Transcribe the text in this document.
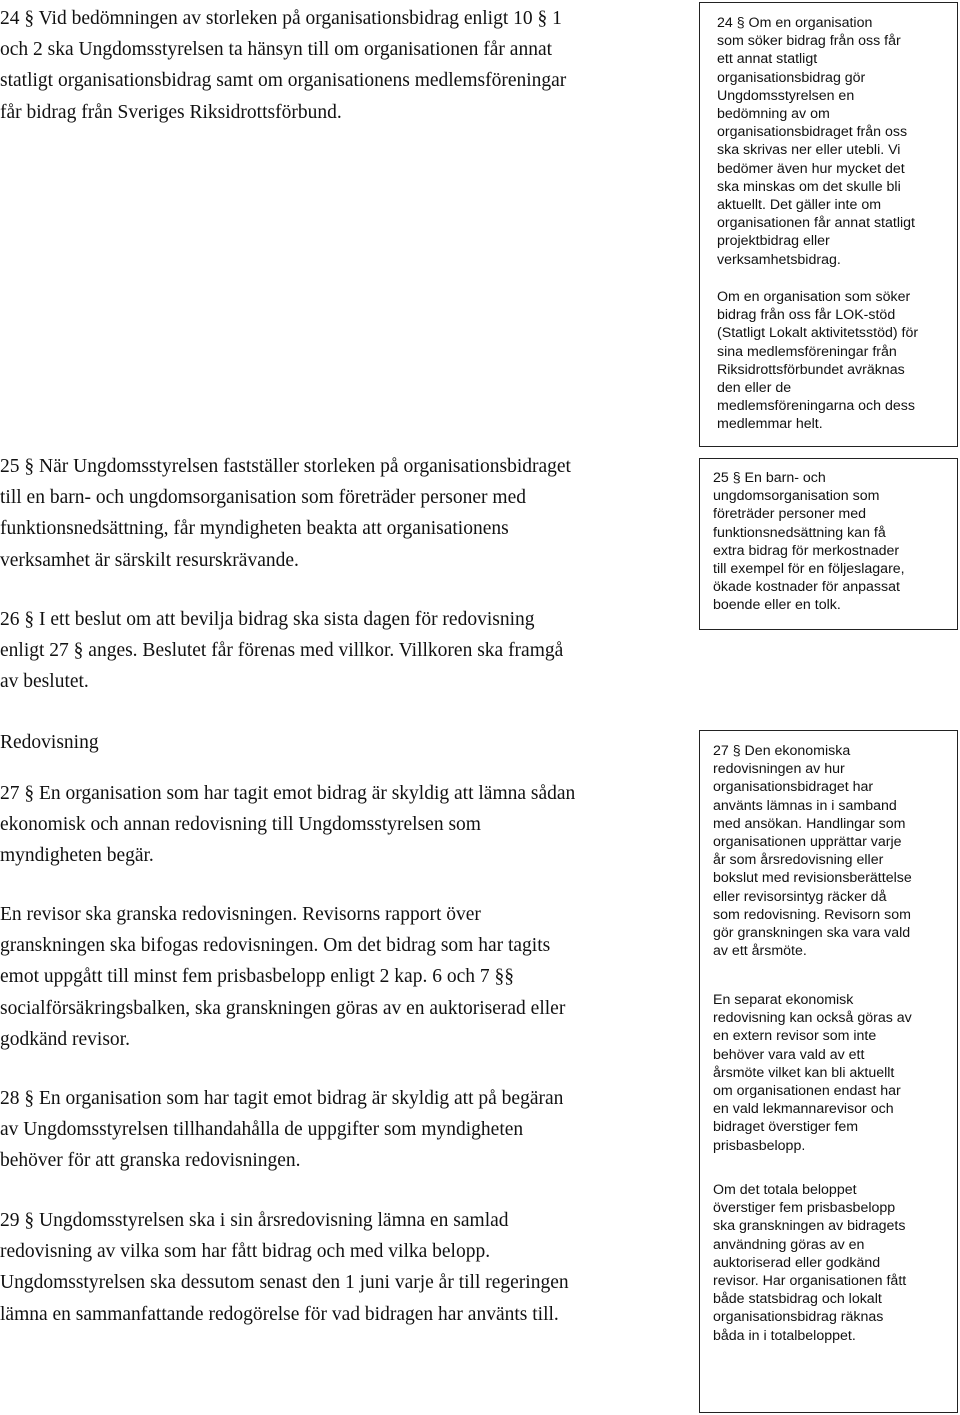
24 § Vid bedömningen av storleken på organisationsbidrag enligt 10 § 1
och 2 ska Ungdomsstyrelsen ta hänsyn till om organisationen får annat
statligt organisationsbidrag samt om organisationens medlemsföreningar
får bidrag från Sveriges Riksidrottsförbund.

25 § När Ungdomsstyrelsen fastställer storleken på organisationsbidraget
till en barn- och ungdomsorganisation som företräder personer med
funktionsnedsättning, får myndigheten beakta att organisationens
verksamhet är särskilt resurskrävande.

26 § I ett beslut om att bevilja bidrag ska sista dagen för redovisning
enligt 27 § anges. Beslutet får förenas med villkor. Villkoren ska framgå
av beslutet.

Redovisning

27 § En organisation som har tagit emot bidrag är skyldig att lämna sådan
ekonomisk och annan redovisning till Ungdomsstyrelsen som
myndigheten begär.

En revisor ska granska redovisningen. Revisorns rapport över
granskningen ska bifogas redovisningen. Om det bidrag som har tagits
emot uppgått till minst fem prisbasbelopp enligt 2 kap. 6 och 7 §§
socialförsäkringsbalken, ska granskningen göras av en auktoriserad eller
godkänd revisor.

28 § En organisation som har tagit emot bidrag är skyldig att på begäran
av Ungdomsstyrelsen tillhandahålla de uppgifter som myndigheten
behöver för att granska redovisningen.

29 § Ungdomsstyrelsen ska i sin årsredovisning lämna en samlad
redovisning av vilka som har fått bidrag och med vilka belopp.
Ungdomsstyrelsen ska dessutom senast den 1 juni varje år till regeringen
lämna en sammanfattande redogörelse för vad bidragen har använts till.

24 § Om en organisation
som söker bidrag från oss får
ett annat statligt
organisationsbidrag gör
Ungdomsstyrelsen en
bedömning av om
organisationsbidraget från oss
ska skrivas ner eller utebli. Vi
bedömer även hur mycket det
ska minskas om det skulle bli
aktuellt. Det gäller inte om
organisationen får annat statligt
projektbidrag eller
verksamhetsbidrag.

Om en organisation som söker
bidrag från oss får LOK-stöd
(Statligt Lokalt aktivitetsstöd) för
sina medlemsföreningar från
Riksidrottsförbundet avräknas
den eller de
medlemsföreningarna och dess
medlemmar helt.

25 § En barn- och
ungdomsorganisation som
företräder personer med
funktionsnedsättning kan få
extra bidrag för merkostnader
till exempel för en följeslagare,
ökade kostnader för anpassat
boende eller en tolk.

27 § Den ekonomiska
redovisningen av hur
organisationsbidraget har
använts lämnas in i samband
med ansökan. Handlingar som
organisationen upprättar varje
år som årsredovisning eller
bokslut med revisionsberättelse
eller revisorsintyg räcker då
som redovisning. Revisorn som
gör granskningen ska vara vald
av ett årsmöte.

En separat ekonomisk
redovisning kan också göras av
en extern revisor som inte
behöver vara vald av ett
årsmöte vilket kan bli aktuellt
om organisationen endast har
en vald lekmannarevisor och
bidraget överstiger fem
prisbasbelopp.

Om det totala beloppet
överstiger fem prisbasbelopp
ska granskningen av bidragets
användning göras av en
auktoriserad eller godkänd
revisor. Har organisationen fått
både statsbidrag och lokalt
organisationsbidrag räknas
båda in i totalbeloppet.
